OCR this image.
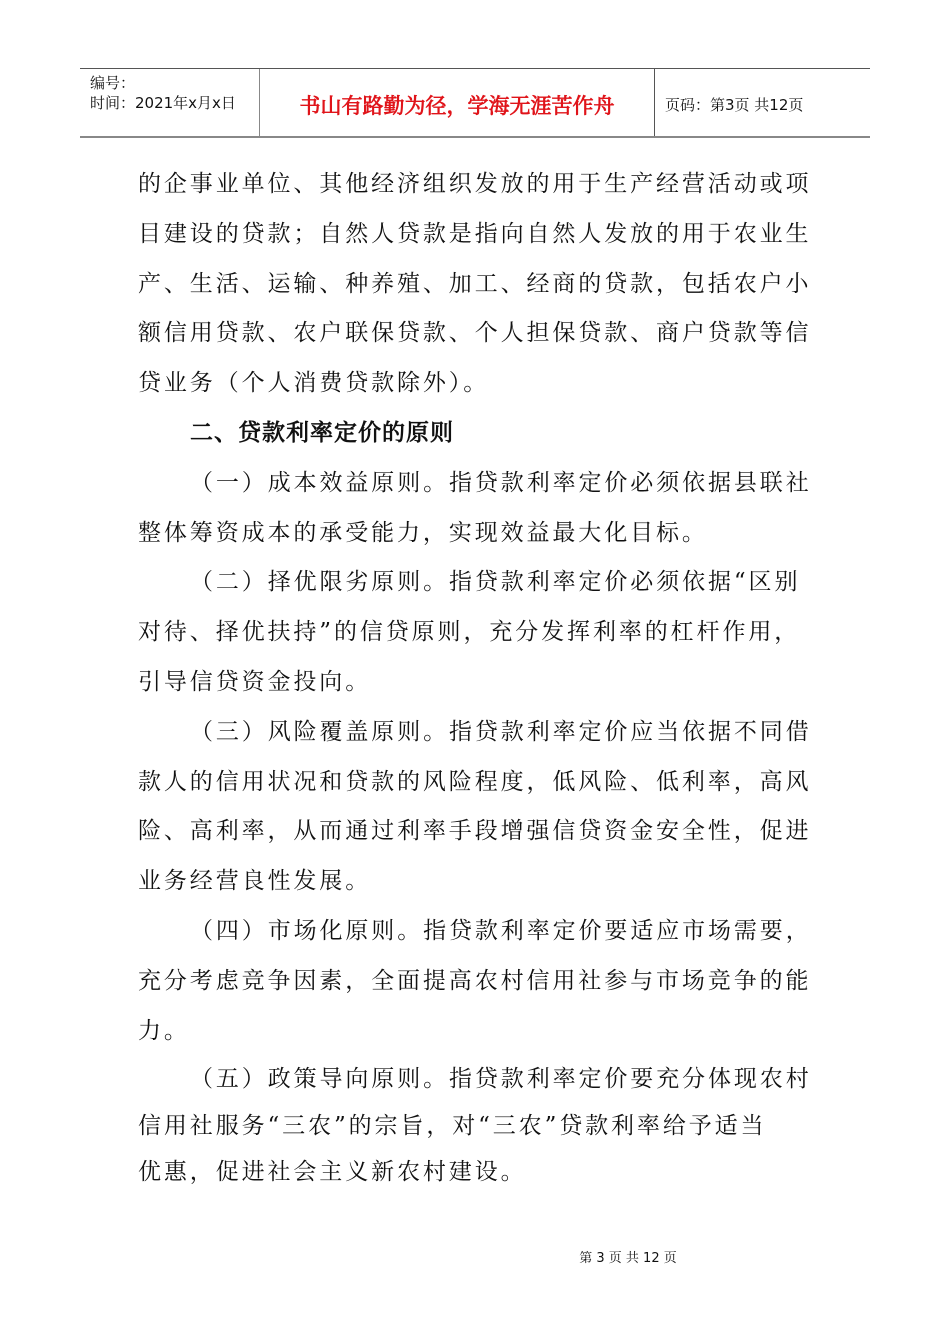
编号：
时间：2021年x月x日	书山有路勤为径，学海无涯苦作舟	页码：第3页 共12页
的企事业单位、其他经济组织发放的用于生产经营活动或项
目建设的贷款；自然人贷款是指向自然人发放的用于农业生
产、生活、运输、种养殖、加工、经商的贷款，包括农户小
额信用贷款、农户联保贷款、个人担保贷款、商户贷款等信
贷业务（个人消费贷款除外）。
二、贷款利率定价的原则
（一）成本效益原则。指贷款利率定价必须依据县联社
整体筹资成本的承受能力，实现效益最大化目标。
（二）择优限劣原则。指贷款利率定价必须依据“区别
对待、择优扶持”的信贷原则，充分发挥利率的杠杆作用，
引导信贷资金投向。
（三）风险覆盖原则。指贷款利率定价应当依据不同借
款人的信用状况和贷款的风险程度，低风险、低利率，高风
险、高利率，从而通过利率手段增强信贷资金安全性，促进
业务经营良性发展。
（四）市场化原则。指贷款利率定价要适应市场需要，
充分考虑竞争因素，全面提高农村信用社参与市场竞争的能
力。
（五）政策导向原则。指贷款利率定价要充分体现农村
信用社服务“三农”的宗旨，对“三农”贷款利率给予适当
优惠，促进社会主义新农村建设。
第 3 页 共 12 页
